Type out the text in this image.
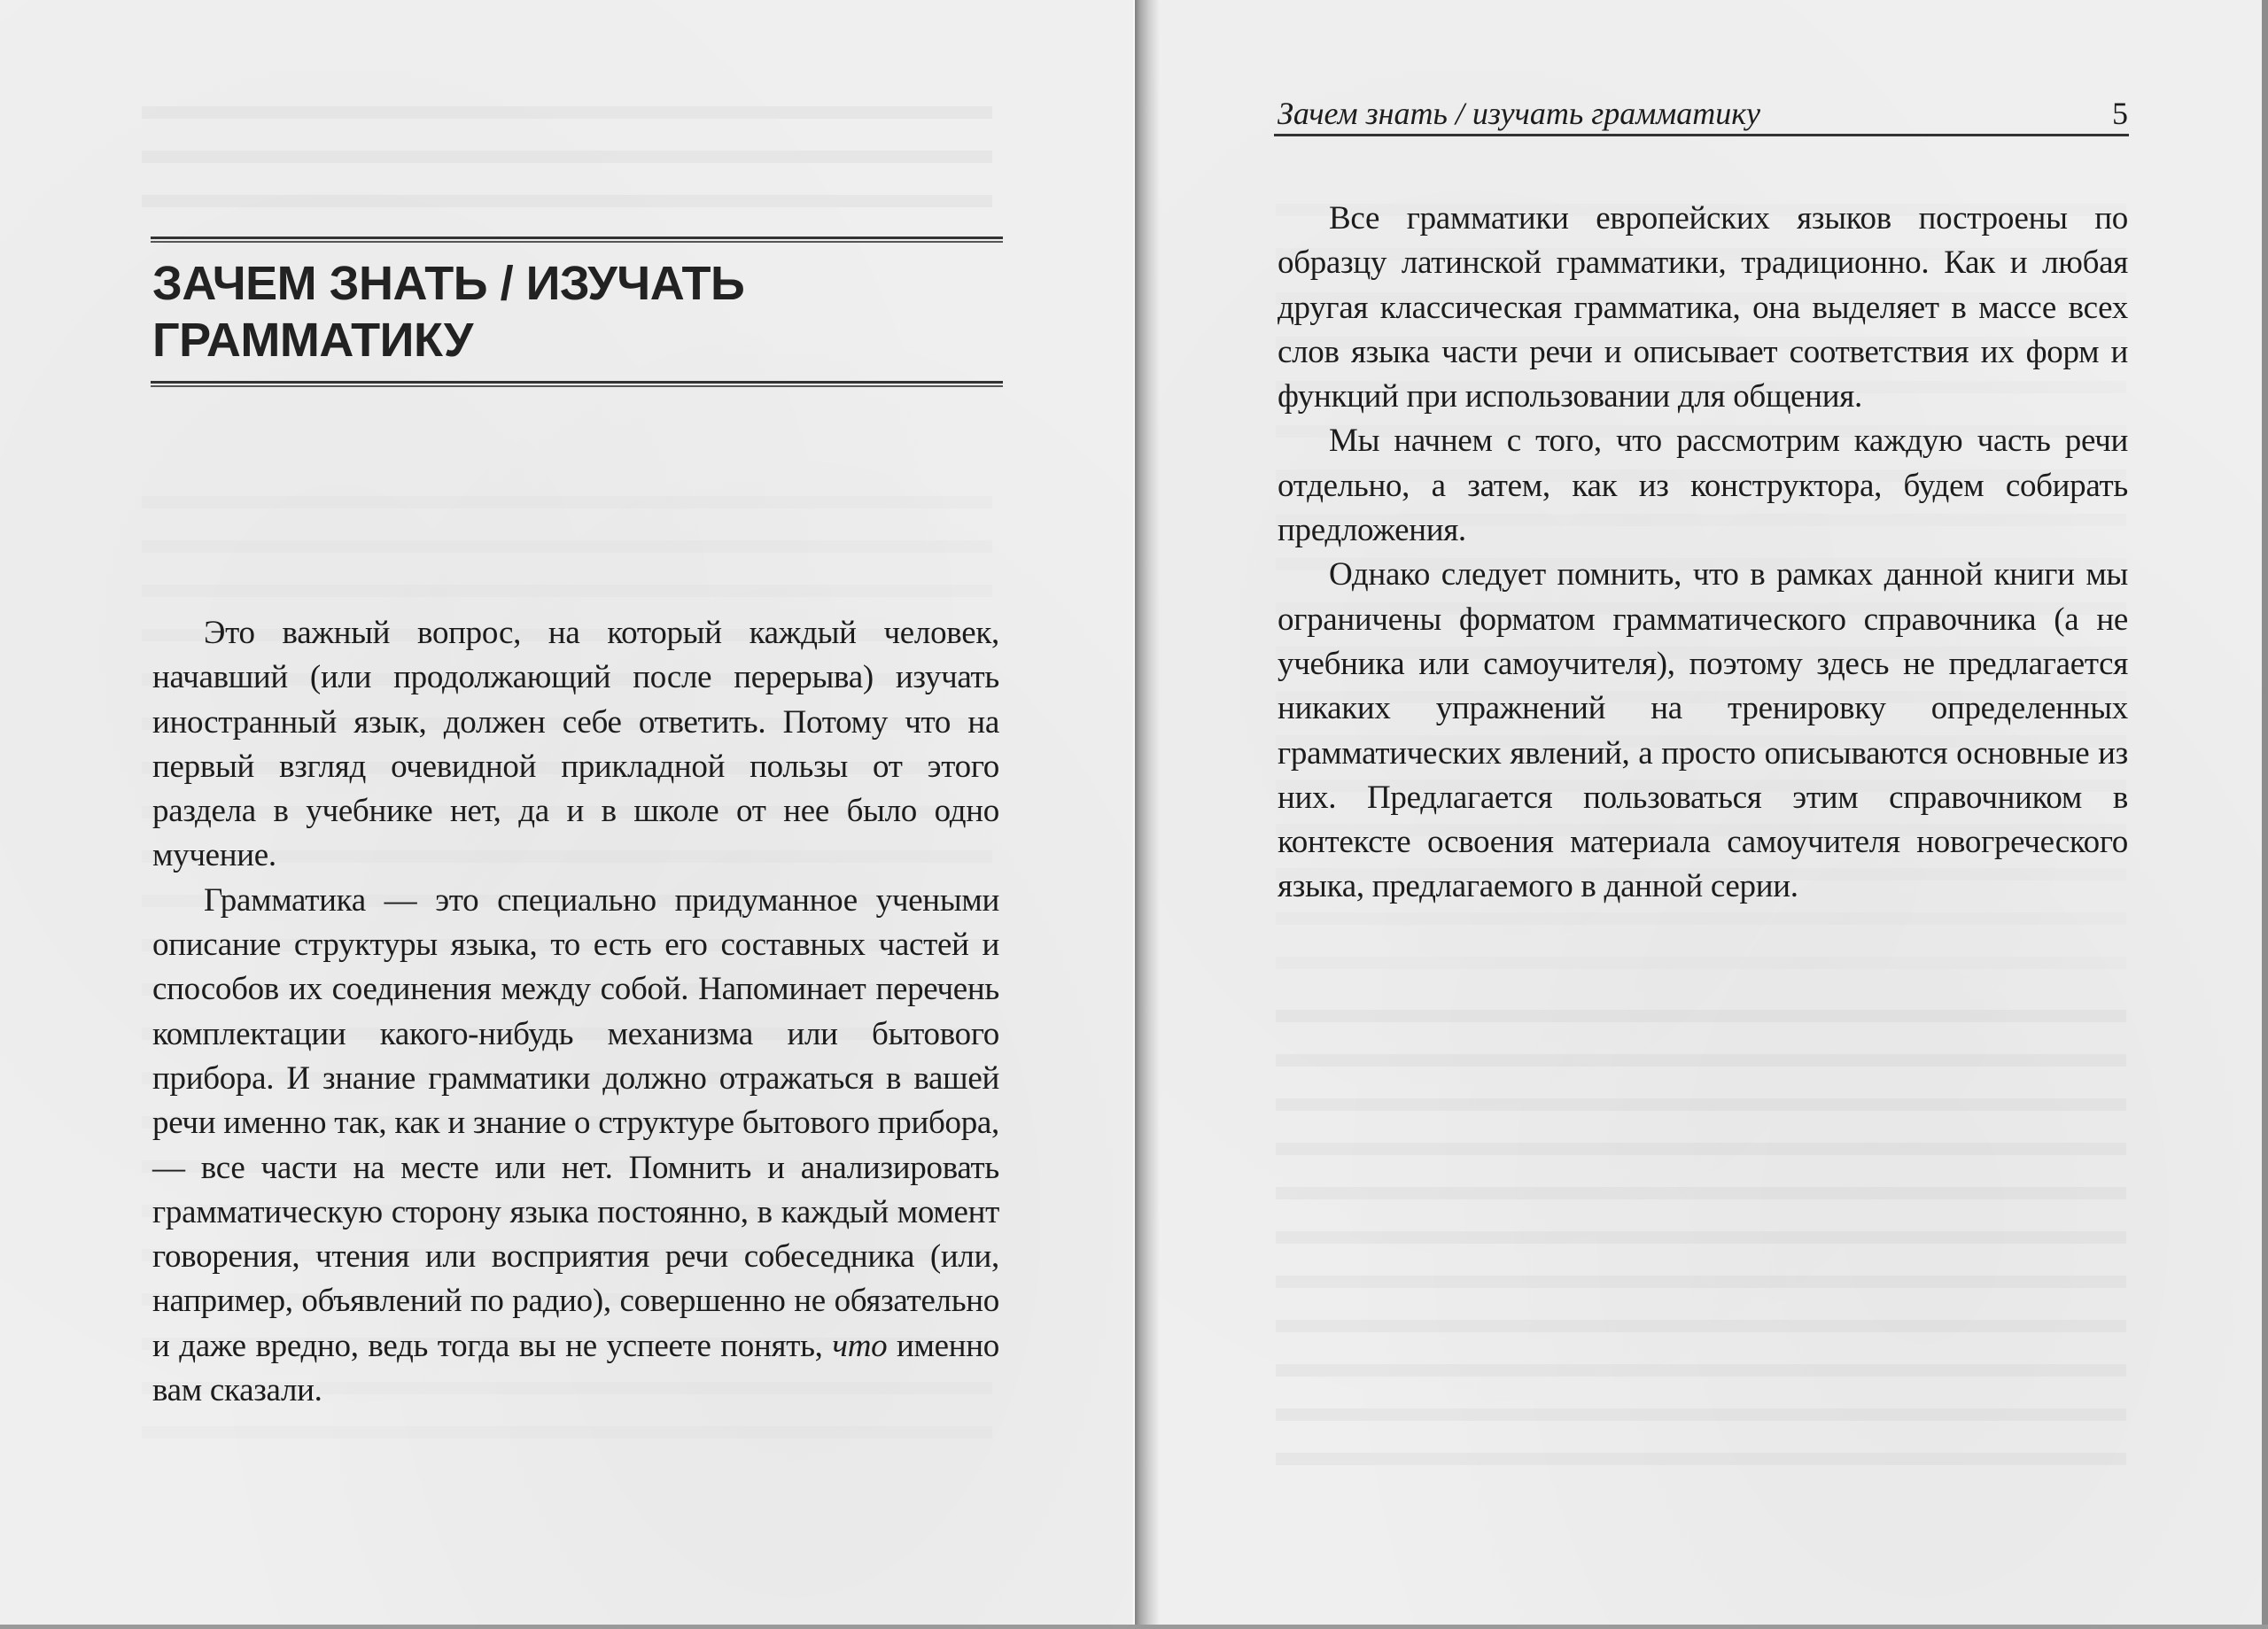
ЗАЧЕМ ЗНАТЬ / ИЗУЧАТЬ
ГРАММАТИКУ

Это важный вопрос, на который каждый человек, начавший (или продолжающий после перерыва) изучать иностранный язык, должен себе ответить. Потому что на первый взгляд очевидной прикладной пользы от этого раздела в учебнике нет, да и в школе от нее было одно мучение.

Грамматика — это специально придуманное учеными описание структуры языка, то есть его составных частей и способов их соединения между собой. Напоминает перечень комплектации какого-нибудь механизма или бытового прибора. И знание грамматики должно отражаться в вашей речи именно так, как и знание о структуре бытового прибора, — все части на месте или нет. Помнить и анализировать грамматическую сторону языка постоянно, в каждый момент говорения, чтения или восприятия речи собеседника (или, например, объявлений по радио), совершенно не обязательно и даже вредно, ведь тогда вы не успеете понять, что именно вам сказали.

Зачем знать / изучать грамматику	5

Все грамматики европейских языков построены по образцу латинской грамматики, традиционно. Как и любая другая классическая грамматика, она выделяет в массе всех слов языка части речи и описывает соответствия их форм и функций при использовании для общения.

Мы начнем с того, что рассмотрим каждую часть речи отдельно, а затем, как из конструктора, будем собирать предложения.

Однако следует помнить, что в рамках данной книги мы ограничены форматом грамматического справочника (а не учебника или самоучителя), поэтому здесь не предлагается никаких упражнений на тренировку определенных грамматических явлений, а просто описываются основные из них. Предлагается пользоваться этим справочником в контексте освоения материала самоучителя новогреческого языка, предлагаемого в данной серии.
